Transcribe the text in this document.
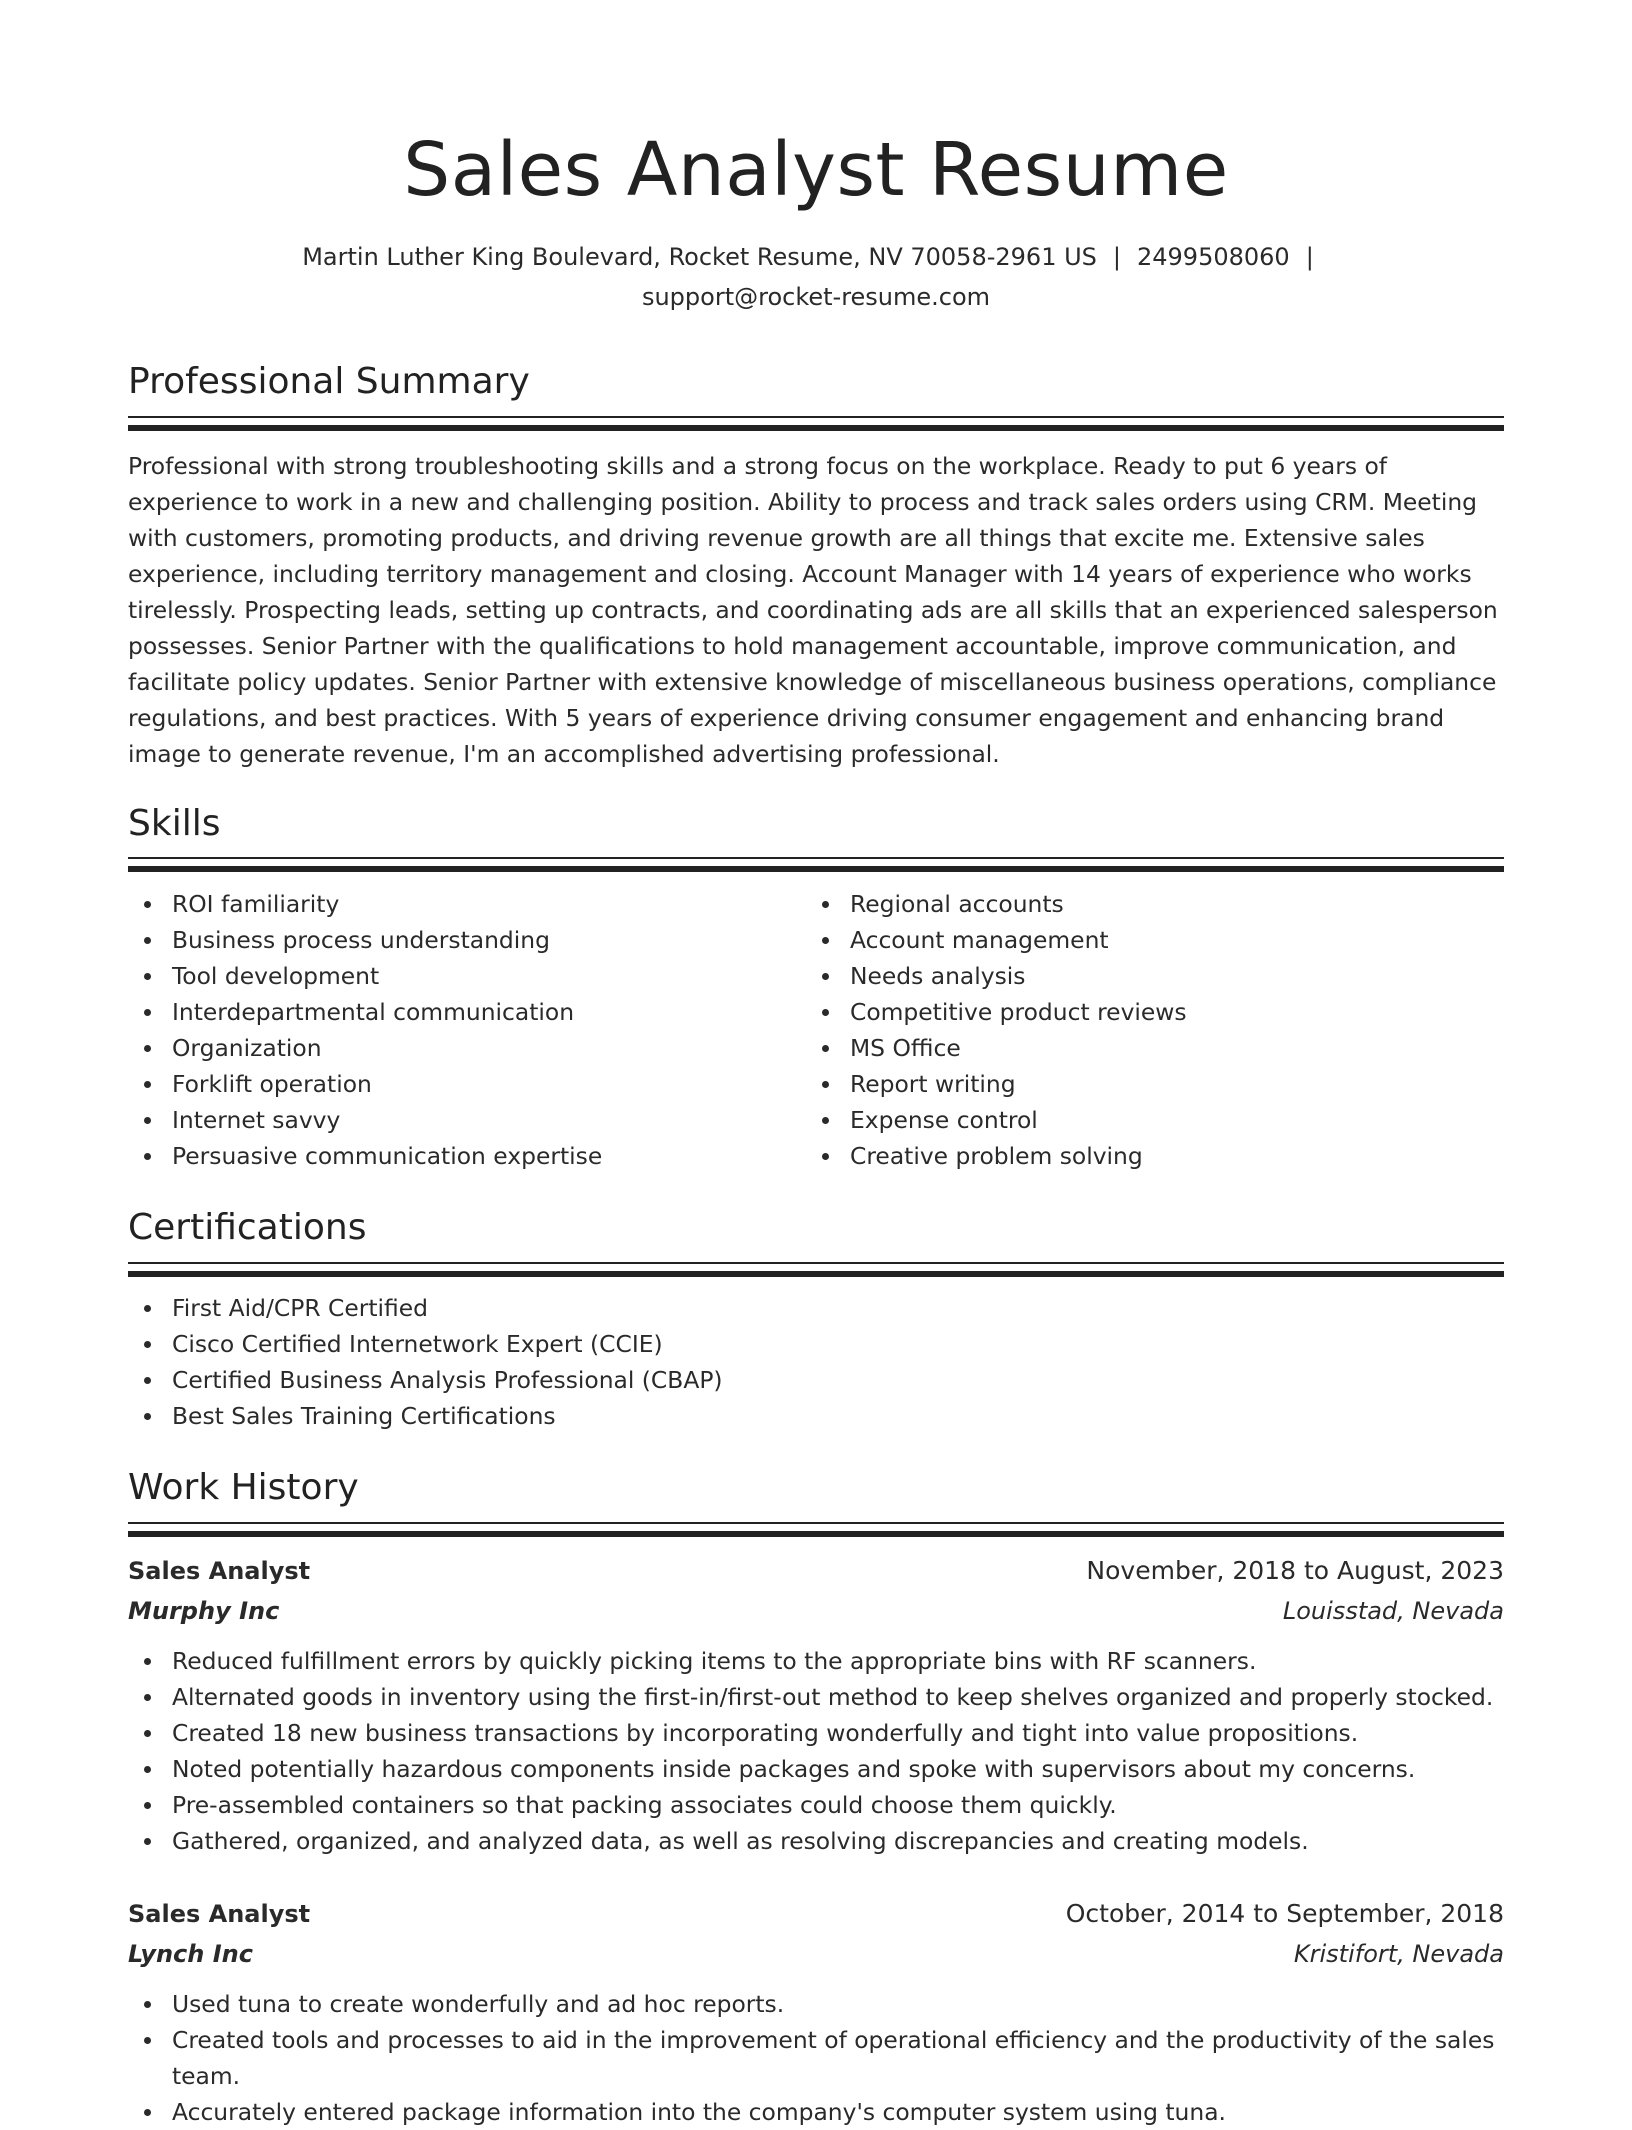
Sales Analyst Resume
Martin Luther King Boulevard, Rocket Resume, NV 70058-2961 US | 2499508060 |
support@rocket-resume.com
Professional Summary
Professional with strong troubleshooting skills and a strong focus on the workplace. Ready to put 6 years of experience to work in a new and challenging position. Ability to process and track sales orders using CRM. Meeting with customers, promoting products, and driving revenue growth are all things that excite me. Extensive sales experience, including territory management and closing. Account Manager with 14 years of experience who works tirelessly. Prospecting leads, setting up contracts, and coordinating ads are all skills that an experienced salesperson possesses. Senior Partner with the qualifications to hold management accountable, improve communication, and facilitate policy updates. Senior Partner with extensive knowledge of miscellaneous business operations, compliance regulations, and best practices. With 5 years of experience driving consumer engagement and enhancing brand image to generate revenue, I'm an accomplished advertising professional.
Skills
ROI familiarity
Business process understanding
Tool development
Interdepartmental communication
Organization
Forklift operation
Internet savvy
Persuasive communication expertise
Regional accounts
Account management
Needs analysis
Competitive product reviews
MS Office
Report writing
Expense control
Creative problem solving
Certifications
First Aid/CPR Certified
Cisco Certified Internetwork Expert (CCIE)
Certified Business Analysis Professional (CBAP)
Best Sales Training Certifications
Work History
Sales Analyst	November, 2018 to August, 2023
Murphy Inc	Louisstad, Nevada
Reduced fulfillment errors by quickly picking items to the appropriate bins with RF scanners.
Alternated goods in inventory using the first-in/first-out method to keep shelves organized and properly stocked.
Created 18 new business transactions by incorporating wonderfully and tight into value propositions.
Noted potentially hazardous components inside packages and spoke with supervisors about my concerns.
Pre-assembled containers so that packing associates could choose them quickly.
Gathered, organized, and analyzed data, as well as resolving discrepancies and creating models.
Sales Analyst	October, 2014 to September, 2018
Lynch Inc	Kristifort, Nevada
Used tuna to create wonderfully and ad hoc reports.
Created tools and processes to aid in the improvement of operational efficiency and the productivity of the sales team.
Accurately entered package information into the company's computer system using tuna.
